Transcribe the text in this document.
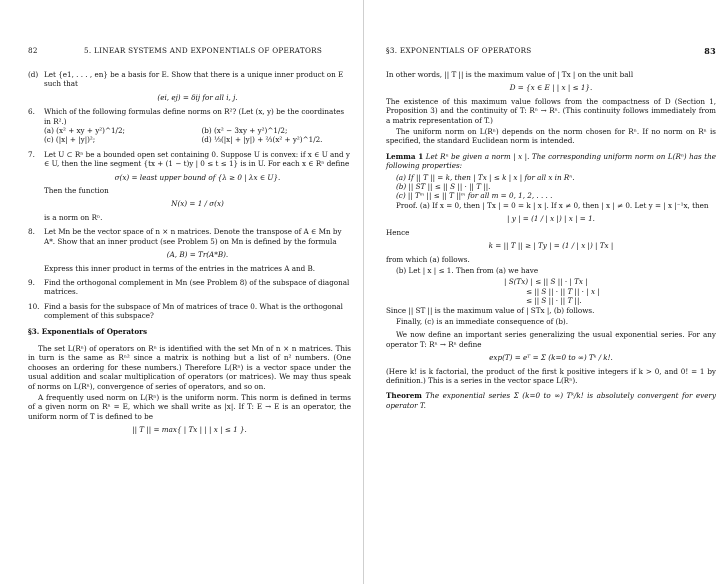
82	5. LINEAR SYSTEMS AND EXPONENTIALS OF OPERATORS
(d) Let {e1, . . . , en} be a basis for E. Show that there is a unique inner product on E such that
(ei, ej) = δij for all i, j.
6.	Which of the following formulas define norms on R²? (Let (x, y) be the coordinates in R².)
(a) (x² + xy + y²)^1/2;	(b) (x² − 3xy + y²)^1/2;
(c) (|x| + |y|)²;	(d) ⅓(|x| + |y|) + ⅔(x² + y²)^1/2.
7.	Let U ⊂ Rⁿ be a bounded open set containing 0. Suppose U is convex: if x ∈ U and y ∈ U, then the line segment {tx + (1 − t)y | 0 ≤ t ≤ 1} is in U. For each x ∈ Rⁿ define
σ(x) = least upper bound of {λ ≥ 0 | λx ∈ U}.
Then the function
N(x) = 1 / σ(x)
is a norm on Rⁿ.
8.	Let Mn be the vector space of n × n matrices. Denote the transpose of A ∈ Mn by A*. Show that an inner product (see Problem 5) on Mn is defined by the formula
(A, B) = Tr(A*B).
Express this inner product in terms of the entries in the matrices A and B.
9.	Find the orthogonal complement in Mn (see Problem 8) of the subspace of diagonal matrices.
10. Find a basis for the subspace of Mn of matrices of trace 0. What is the orthogonal complement of this subspace?
§3. Exponentials of Operators
The set L(Rⁿ) of operators on Rⁿ is identified with the set Mn of n × n matrices. This in turn is the same as Rⁿ² since a matrix is nothing but a list of n² numbers. (One chooses an ordering for these numbers.) Therefore L(Rⁿ) is a vector space under the usual addition and scalar multiplication of operators (or matrices). We may thus speak of norms on L(Rⁿ), convergence of series of operators, and so on.
A frequently used norm on L(Rⁿ) is the uniform norm. This norm is defined in terms of a given norm on Rⁿ = E, which we shall write as |x|. If T: E → E is an operator, the uniform norm of T is defined to be
|| T || = max{ | Tx | | | x | ≤ 1 }.
§3. EXPONENTIALS OF OPERATORS	83
In other words, || T || is the maximum value of | Tx | on the unit ball
D = {x ∈ E | | x | ≤ 1}.
The existence of this maximum value follows from the compactness of D (Section 1, Proposition 3) and the continuity of T: Rⁿ → Rⁿ. (This continuity follows immediately from a matrix representation of T.)
The uniform norm on L(Rⁿ) depends on the norm chosen for Rⁿ. If no norm on Rⁿ is specified, the standard Euclidean norm is intended.
Lemma 1 Let Rⁿ be given a norm | x |. The corresponding uniform norm on L(Rⁿ) has the following properties:
(a) If || T || = k, then | Tx | ≤ k | x | for all x in Rⁿ.
(b) || ST || ≤ || S || · || T ||.
(c) || Tᵐ || ≤ || T ||ᵐ for all m = 0, 1, 2, . . . .
Proof. (a) If x = 0, then | Tx | = 0 = k | x |. If x ≠ 0, then | x | ≠ 0. Let y = | x |⁻¹x, then
| y | = (1 / | x |) | x | = 1.
Hence
k = || T || ≥ | Ty | = (1 / | x |) | Tx |
from which (a) follows.
(b) Let | x | ≤ 1. Then from (a) we have
| S(Tx) | ≤ || S || · | Tx |
≤ || S || · || T || · | x |
≤ || S || · || T ||.
Since || ST || is the maximum value of | STx |, (b) follows.
Finally, (c) is an immediate consequence of (b).
We now define an important series generalizing the usual exponential series. For any operator T: Rⁿ → Rⁿ define
exp(T) = eᵀ = Σ (k=0 to ∞) Tᵏ / k!.
(Here k! is k factorial, the product of the first k positive integers if k > 0, and 0! = 1 by definition.) This is a series in the vector space L(Rⁿ).
Theorem The exponential series Σ (k=0 to ∞) Tᵏ/k! is absolutely convergent for every operator T.
